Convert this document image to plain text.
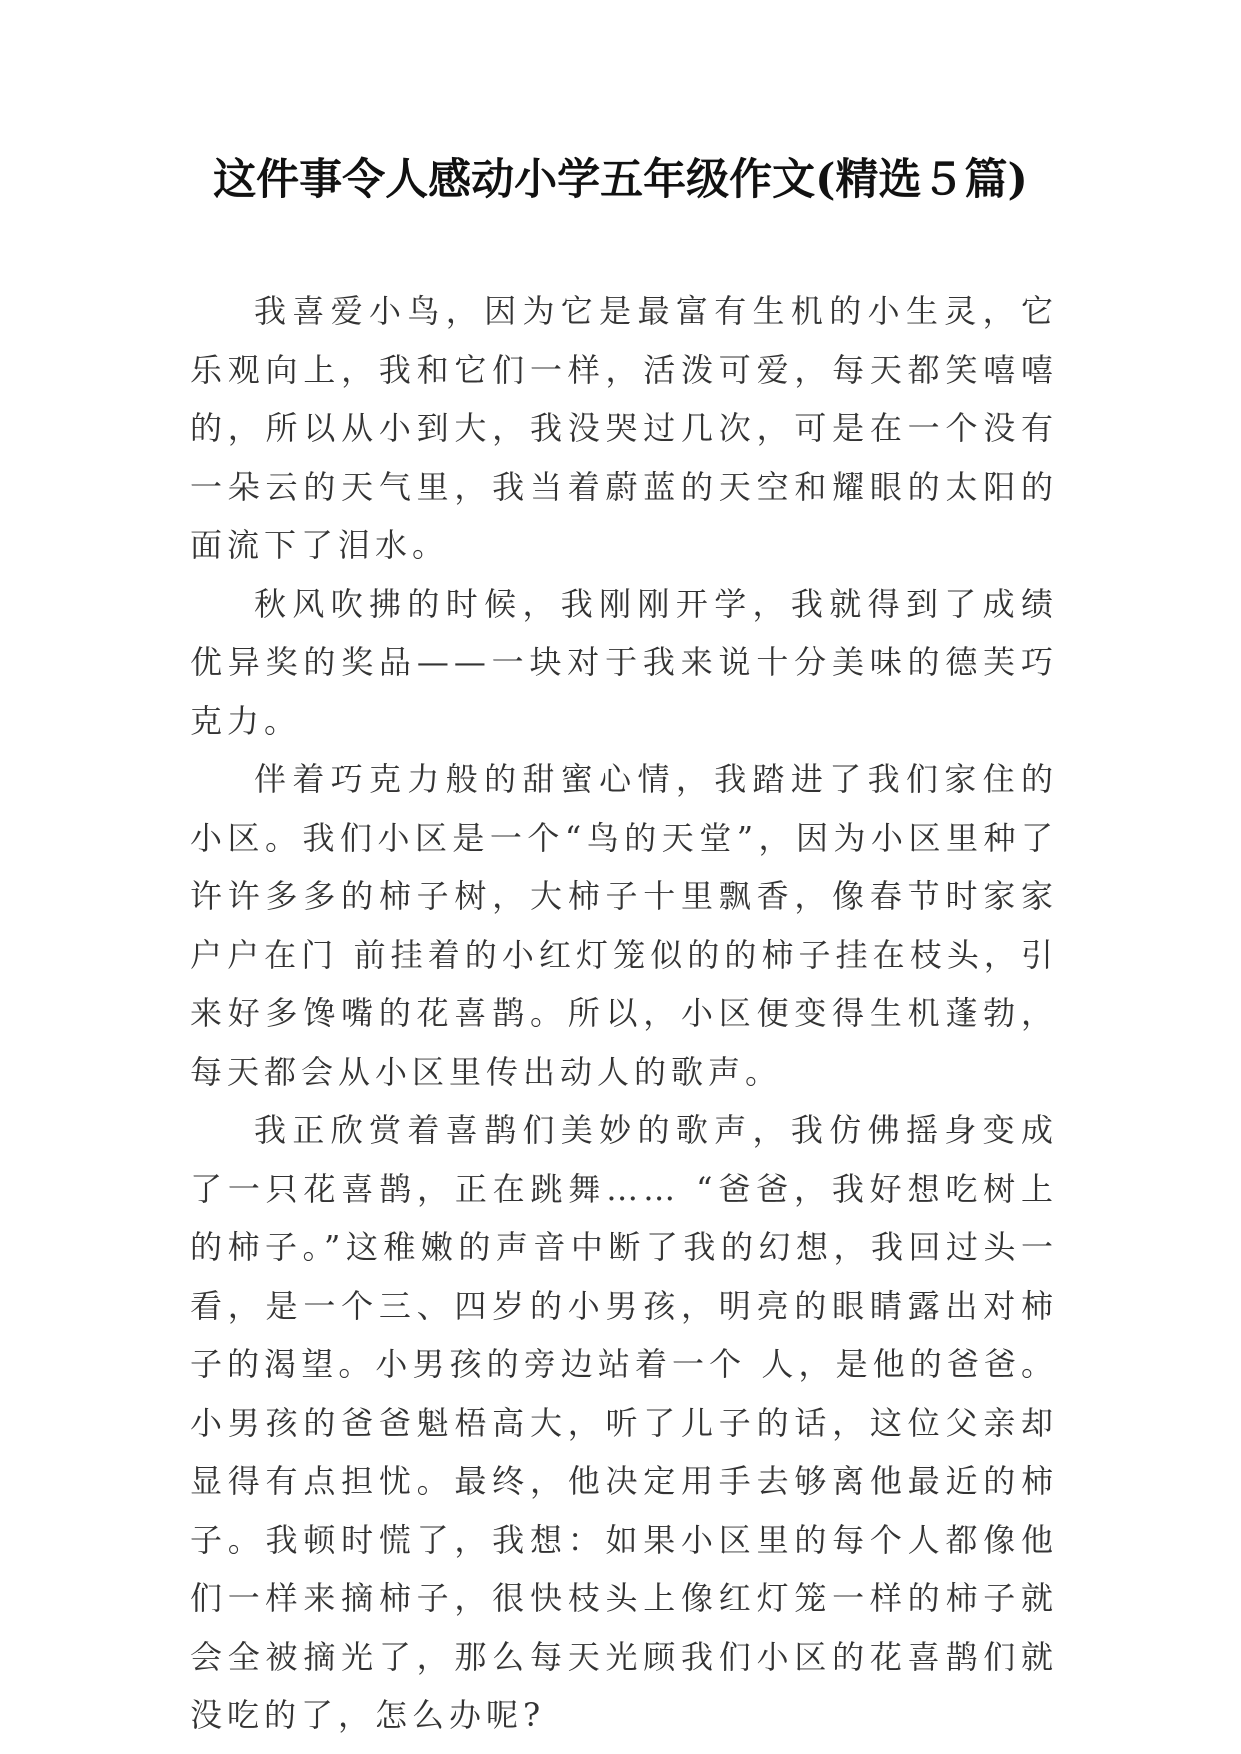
这件事令人感动小学五年级作文(精选５篇)

我喜爱小鸟，因为它是最富有生机的小生灵，它乐观向上，我和它们一样，活泼可爱，每天都笑嘻嘻的，所以从小到大，我没哭过几次，可是在一个没有一朵云的天气里，我当着蔚蓝的天空和耀眼的太阳的面流下了泪水。

秋风吹拂的时候，我刚刚开学，我就得到了成绩优异奖的奖品——一块对于我来说十分美味的德芙巧克力。

伴着巧克力般的甜蜜心情，我踏进了我们家住的小区。我们小区是一个“鸟的天堂”，因为小区里种了许许多多的柿子树，大柿子十里飘香，像春节时家家户户在门 前挂着的小红灯笼似的的柿子挂在枝头，引来好多馋嘴的花喜鹊。所以，小区便变得生机蓬勃，每天都会从小区里传出动人的歌声。

我正欣赏着喜鹊们美妙的歌声，我仿佛摇身变成了一只花喜鹊，正在跳舞…… “爸爸，我好想吃树上的柿子。”这稚嫩的声音中断了我的幻想，我回过头一看，是一个三、四岁的小男孩，明亮的眼睛露出对柿子的渴望。小男孩的旁边站着一个 人，是他的爸爸。小男孩的爸爸魁梧高大，听了儿子的话，这位父亲却显得有点担忧。最终，他决定用手去够离他最近的柿子。我顿时慌了，我想：如果小区里的每个人都像他们一样来摘柿子，很快枝头上像红灯笼一样的柿子就会全被摘光了，那么每天光顾我们小区的花喜鹊们就没吃的了，怎么办呢?
